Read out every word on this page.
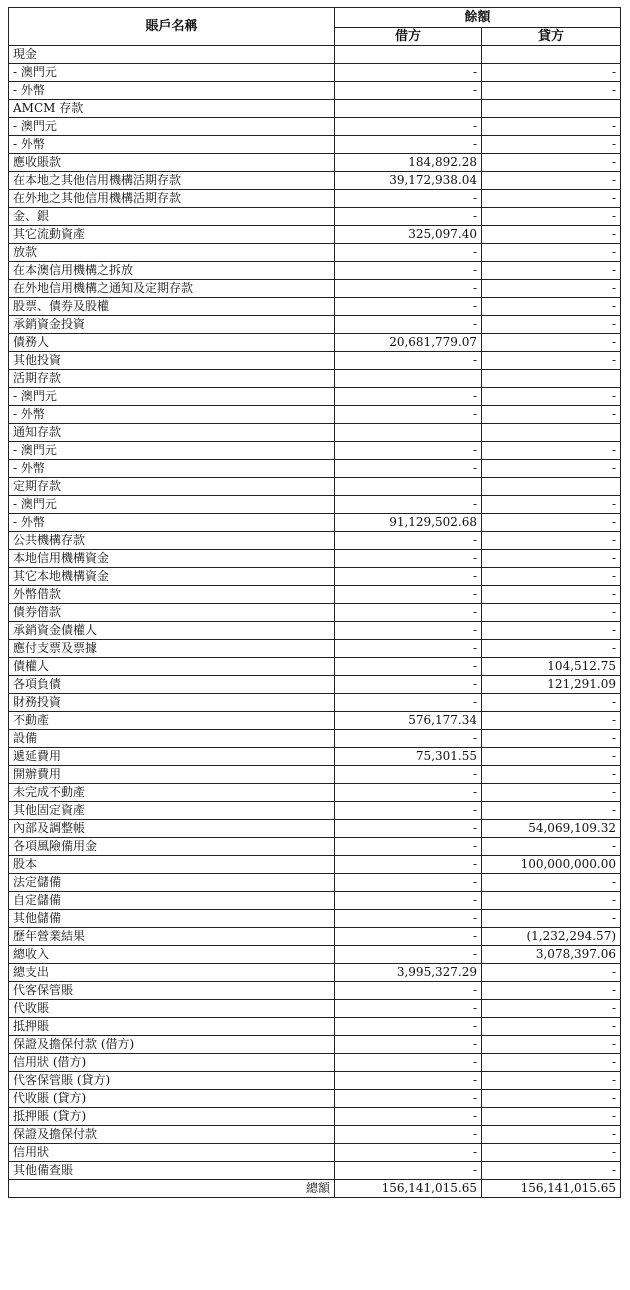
賬戶名稱	餘額	
	借方	貸方
現金		
- 澳門元	-	-
- 外幣	-	-
AMCM 存款		
- 澳門元	-	-
- 外幣	-	-
應收賬款	184,892.28	-
在本地之其他信用機構活期存款	39,172,938.04	-
在外地之其他信用機構活期存款	-	-
金、銀	-	-
其它流動資產	325,097.40	-
放款	-	-
在本澳信用機構之拆放	-	-
在外地信用機構之通知及定期存款	-	-
股票、債券及股權	-	-
承銷資金投資	-	-
債務人	20,681,779.07	-
其他投資	-	-
活期存款		
- 澳門元	-	-
- 外幣	-	-
通知存款		
- 澳門元	-	-
- 外幣	-	-
定期存款		
- 澳門元	-	-
- 外幣	91,129,502.68	-
公共機構存款	-	-
本地信用機構資金	-	-
其它本地機構資金	-	-
外幣借款	-	-
債券借款	-	-
承銷資金債權人	-	-
應付支票及票據	-	-
債權人	-	104,512.75
各項負債	-	121,291.09
財務投資	-	-
不動產	576,177.34	-
設備	-	-
遞延費用	75,301.55	-
開辦費用	-	-
未完成不動產	-	-
其他固定資產	-	-
內部及調整帳	-	54,069,109.32
各項風險備用金	-	-
股本	-	100,000,000.00
法定儲備	-	-
自定儲備	-	-
其他儲備	-	-
歷年營業結果	-	(1,232,294.57)
總收入	-	3,078,397.06
總支出	3,995,327.29	-
代客保管賬	-	-
代收賬	-	-
抵押賬	-	-
保證及擔保付款 (借方)	-	-
信用狀 (借方)	-	-
代客保管賬 (貸方)	-	-
代收賬 (貸方)	-	-
抵押賬 (貸方)	-	-
保證及擔保付款	-	-
信用狀	-	-
其他備查賬	-	-
總額	156,141,015.65	156,141,015.65
